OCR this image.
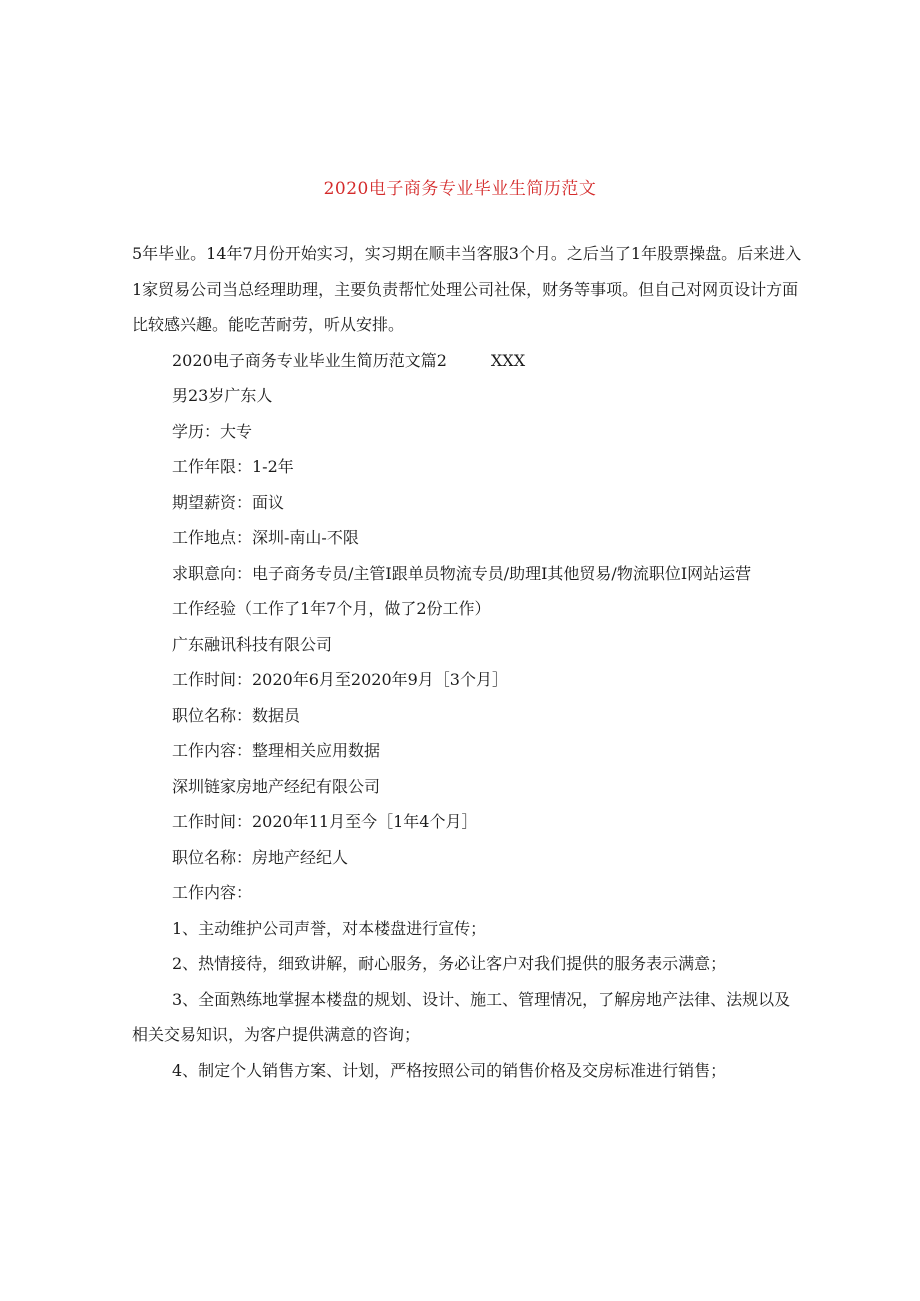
2020电子商务专业毕业生简历范文

5年毕业。14年7月份开始实习，实习期在顺丰当客服3个月。之后当了1年股票操盘。后来进入1家贸易公司当总经理助理，主要负责帮忙处理公司社保，财务等事项。但自己对网页设计方面比较感兴趣。能吃苦耐劳，听从安排。

2020电子商务专业毕业生简历范文篇2	XXX

男23岁广东人

学历：大专

工作年限：1-2年

期望薪资：面议

工作地点：深圳-南山-不限

求职意向：电子商务专员/主管I跟单员物流专员/助理I其他贸易/物流职位I网站运营

工作经验（工作了1年7个月，做了2份工作）

广东融讯科技有限公司

工作时间：2020年6月至2020年9月［3个月］

职位名称：数据员

工作内容：整理相关应用数据

深圳链家房地产经纪有限公司

工作时间：2020年11月至今［1年4个月］

职位名称：房地产经纪人

工作内容：

1、主动维护公司声誉，对本楼盘进行宣传；

2、热情接待，细致讲解，耐心服务，务必让客户对我们提供的服务表示满意；

3、全面熟练地掌握本楼盘的规划、设计、施工、管理情况，了解房地产法律、法规以及相关交易知识，为客户提供满意的咨询；

4、制定个人销售方案、计划，严格按照公司的销售价格及交房标准进行销售；
